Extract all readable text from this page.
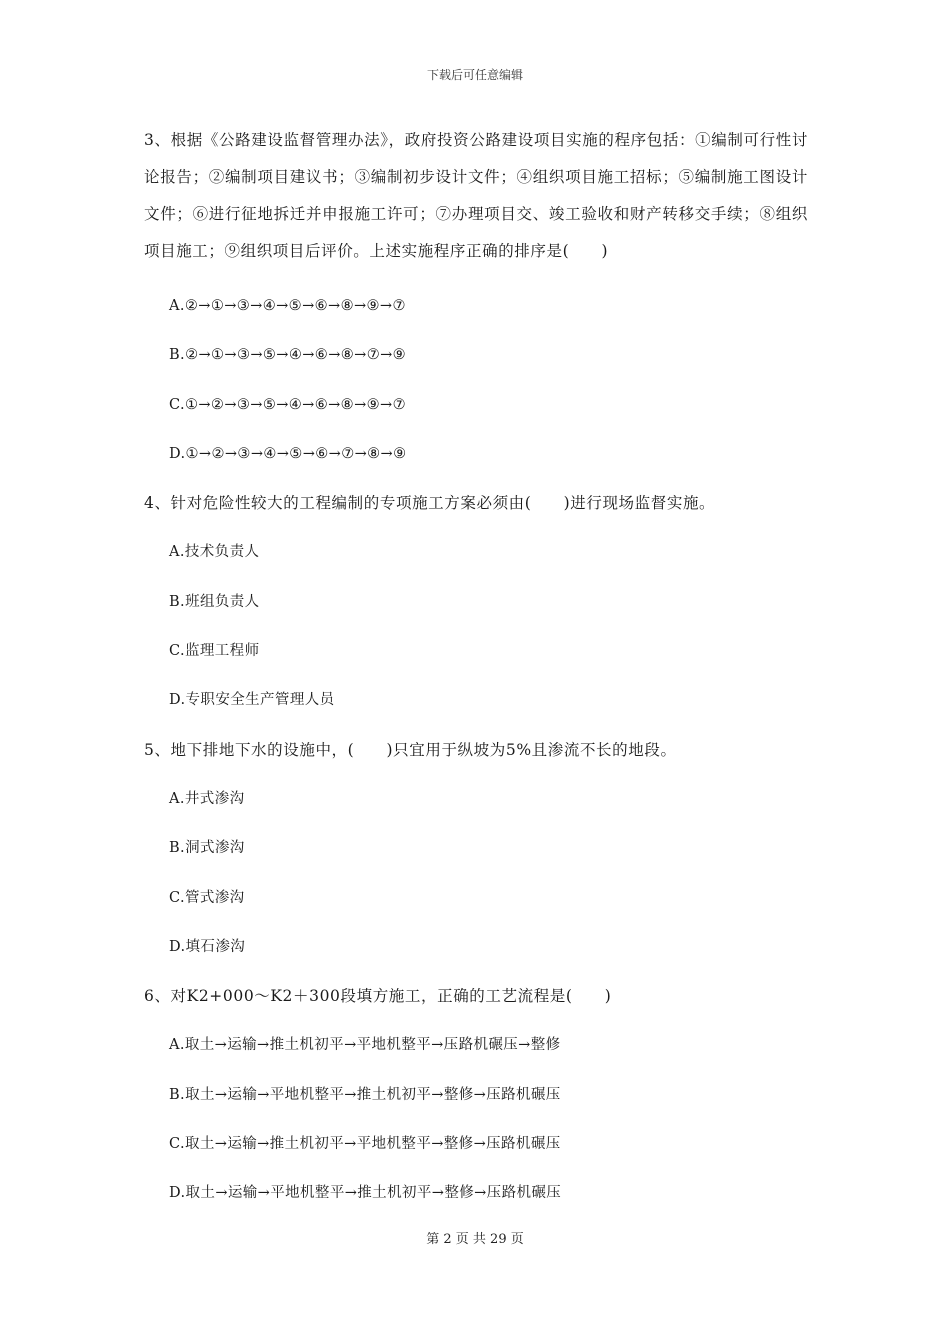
下载后可任意编辑

3、根据《公路建设监督管理办法》，政府投资公路建设项目实施的程序包括：①编制可行性讨论报告；②编制项目建议书；③编制初步设计文件；④组织项目施工招标；⑤编制施工图设计文件；⑥进行征地拆迁并申报施工许可；⑦办理项目交、竣工验收和财产转移交手续；⑧组织项目施工；⑨组织项目后评价。上述实施程序正确的排序是(　　)

A.②→①→③→④→⑤→⑥→⑧→⑨→⑦
B.②→①→③→⑤→④→⑥→⑧→⑦→⑨
C.①→②→③→⑤→④→⑥→⑧→⑨→⑦
D.①→②→③→④→⑤→⑥→⑦→⑧→⑨

4、针对危险性较大的工程编制的专项施工方案必须由(　　)进行现场监督实施。

A.技术负责人
B.班组负责人
C.监理工程师
D.专职安全生产管理人员

5、地下排地下水的设施中，(　　)只宜用于纵坡为5%且渗流不长的地段。

A.井式渗沟
B.洞式渗沟
C.管式渗沟
D.填石渗沟

6、对K2+000～K2＋300段填方施工，正确的工艺流程是(　　)

A.取土→运输→推土机初平→平地机整平→压路机碾压→整修
B.取土→运输→平地机整平→推土机初平→整修→压路机碾压
C.取土→运输→推土机初平→平地机整平→整修→压路机碾压
D.取土→运输→平地机整平→推土机初平→整修→压路机碾压
第 2 页 共 29 页
